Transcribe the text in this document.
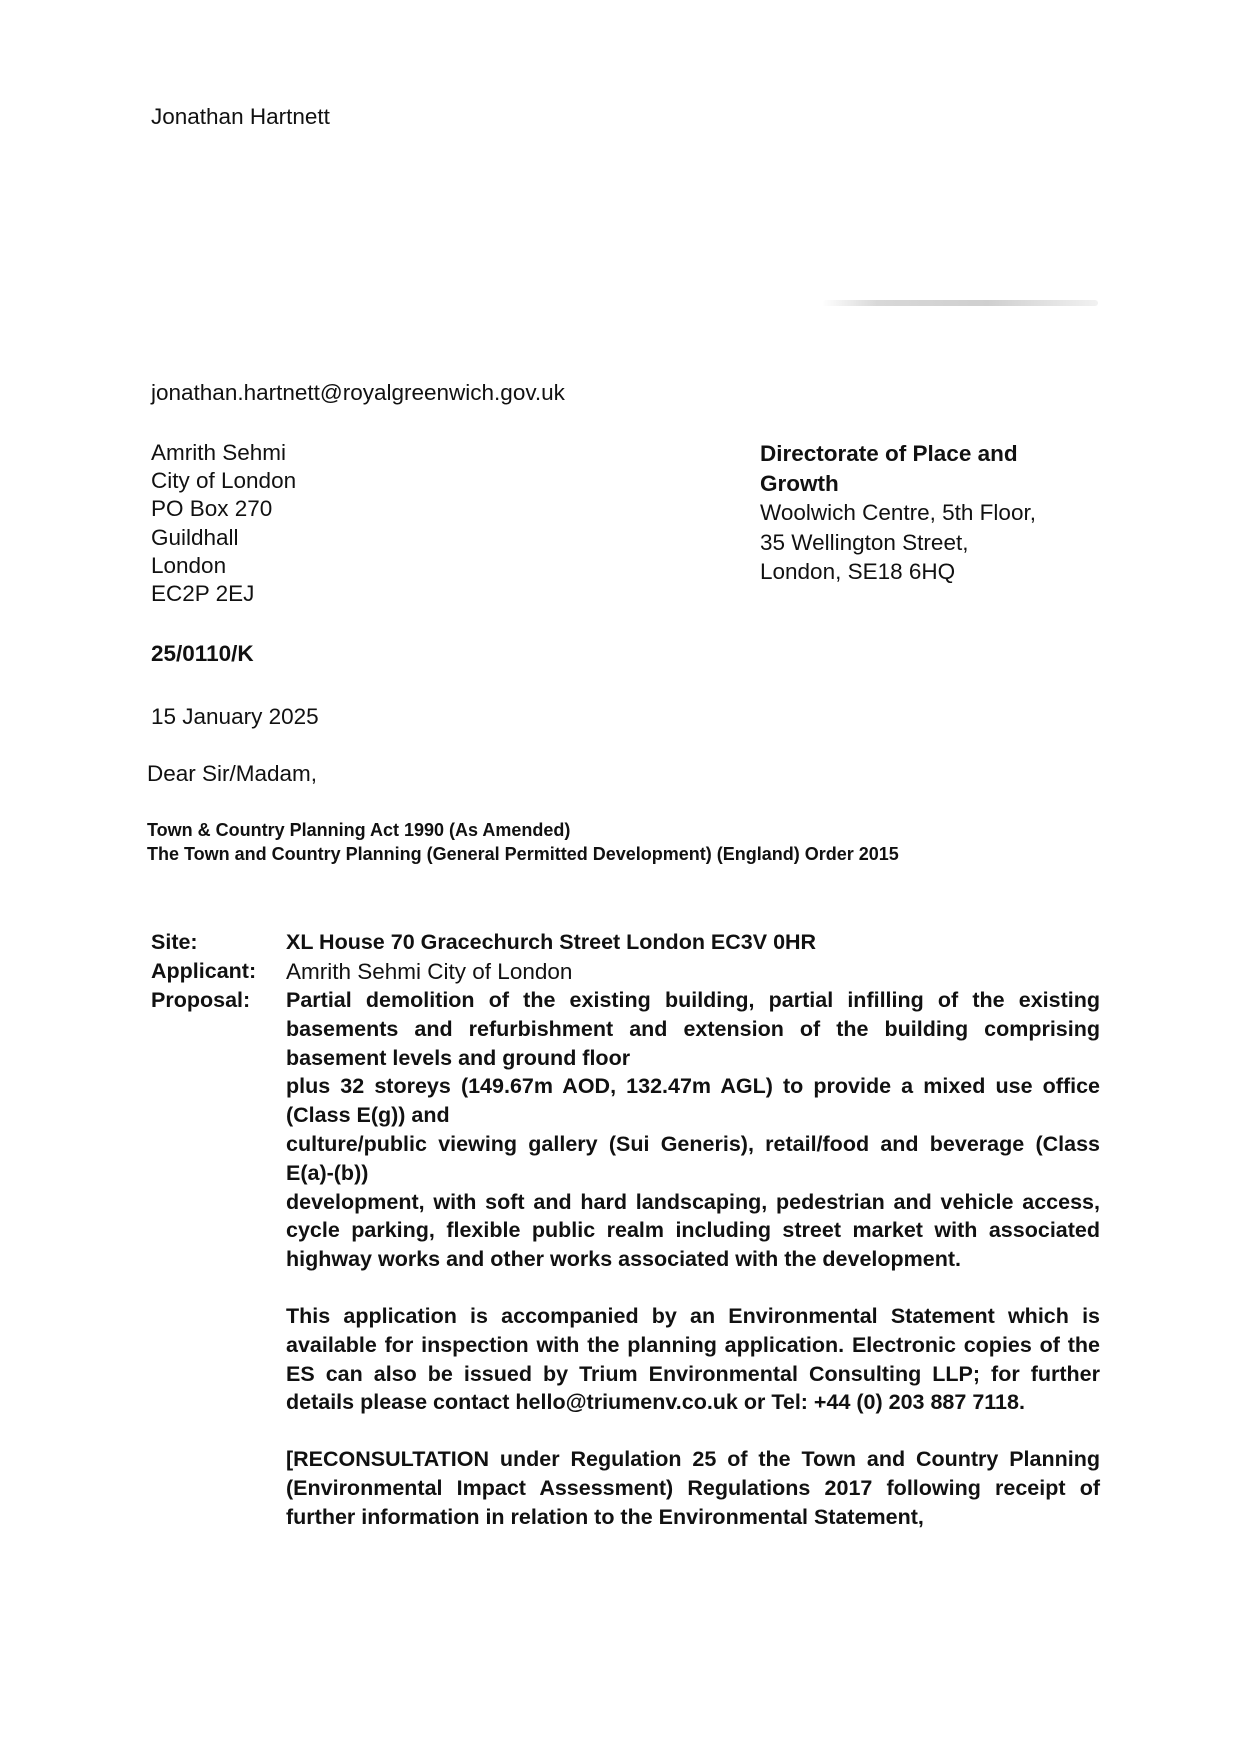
Jonathan Hartnett
jonathan.hartnett@royalgreenwich.gov.uk
Amrith Sehmi
City of London
PO Box 270
Guildhall
London
EC2P 2EJ
Directorate of Place and
Growth
Woolwich Centre, 5th Floor,
35 Wellington Street,
London, SE18 6HQ
25/0110/K
15 January 2025
Dear Sir/Madam,
Town & Country Planning Act 1990 (As Amended)
The Town and Country Planning (General Permitted Development) (England) Order 2015
Site:	XL House 70 Gracechurch Street London EC3V 0HR
Applicant: Amrith Sehmi City of London
Proposal: Partial demolition of the existing building, partial infilling of the existing basements and refurbishment and extension of the building comprising basement levels and ground floor
plus 32 storeys (149.67m AOD, 132.47m AGL) to provide a mixed use office (Class E(g)) and
culture/public viewing gallery (Sui Generis), retail/food and beverage (Class E(a)-(b))
development, with soft and hard landscaping, pedestrian and vehicle access, cycle parking, flexible public realm including street market with associated highway works and other works associated with the development.
This application is accompanied by an Environmental Statement which is available for inspection with the planning application. Electronic copies of the ES can also be issued by Trium Environmental Consulting LLP; for further details please contact hello@triumenv.co.uk or Tel: +44 (0) 203 887 7118.
[RECONSULTATION under Regulation 25 of the Town and Country Planning (Environmental Impact Assessment) Regulations 2017 following receipt of further information in relation to the Environmental Statement,
